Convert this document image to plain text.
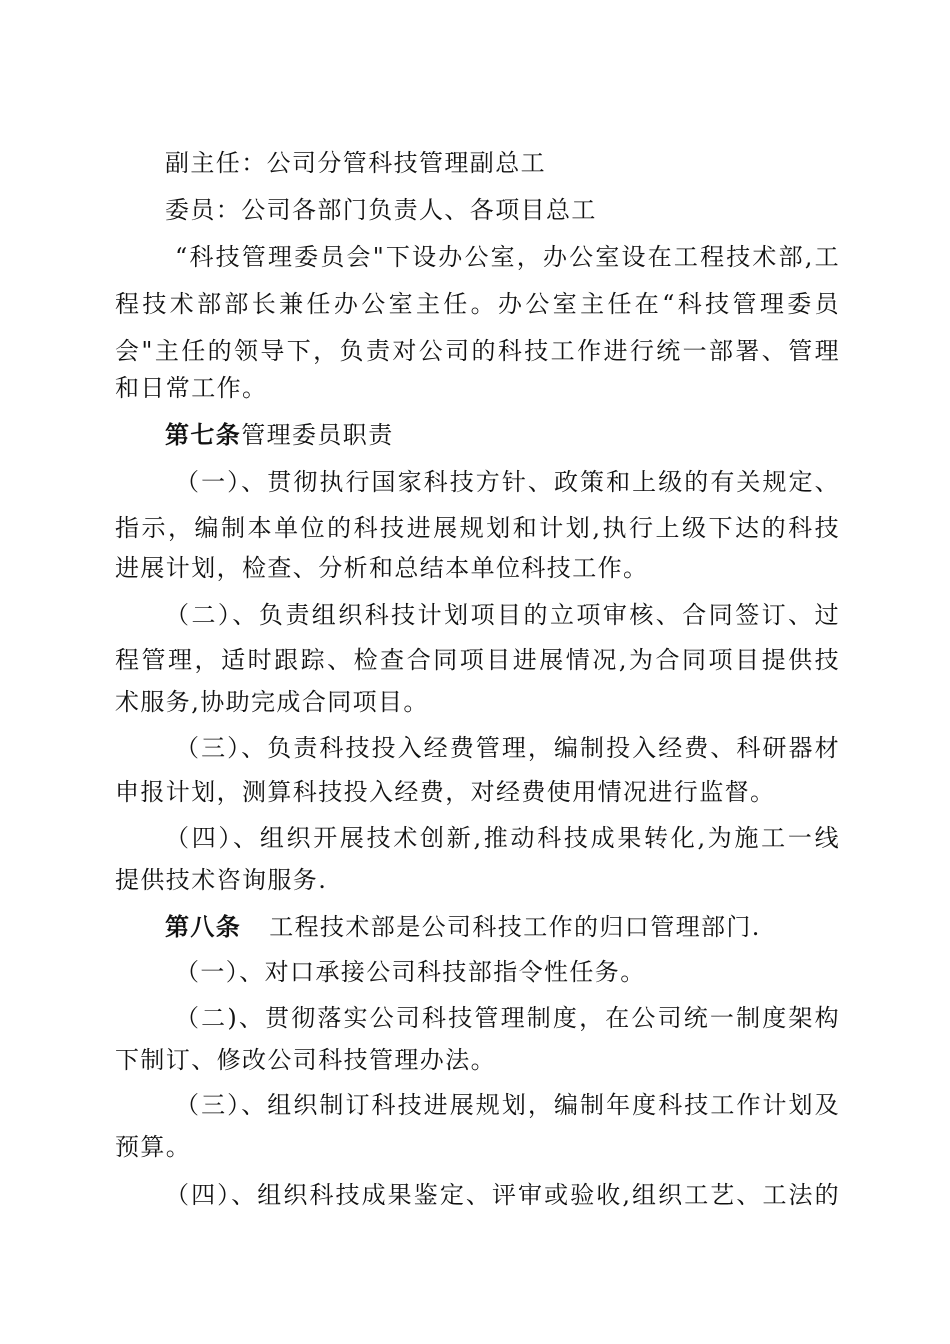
副主任：公司分管科技管理副总工
委员：公司各部门负责人、各项目总工
“科技管理委员会"下设办公室，办公室设在工程技术部,工
程技术部部长兼任办公室主任。办公室主任在“科技管理委员
会"主任的领导下，负责对公司的科技工作进行统一部署、管理
和日常工作。
第七条管理委员职责
（一）、贯彻执行国家科技方针、政策和上级的有关规定、
指示，编制本单位的科技进展规划和计划,执行上级下达的科技
进展计划，检查、分析和总结本单位科技工作。
（二）、负责组织科技计划项目的立项审核、合同签订、过
程管理，适时跟踪、检查合同项目进展情况,为合同项目提供技
术服务,协助完成合同项目。
（三）、负责科技投入经费管理，编制投入经费、科研器材
申报计划，测算科技投入经费，对经费使用情况进行监督。
（四）、组织开展技术创新,推动科技成果转化,为施工一线
提供技术咨询服务.
第八条 工程技术部是公司科技工作的归口管理部门.
（一）、对口承接公司科技部指令性任务。
（二)、贯彻落实公司科技管理制度，在公司统一制度架构
下制订、修改公司科技管理办法。
（三）、组织制订科技进展规划，编制年度科技工作计划及
预算。
（四）、组织科技成果鉴定、评审或验收,组织工艺、工法的
